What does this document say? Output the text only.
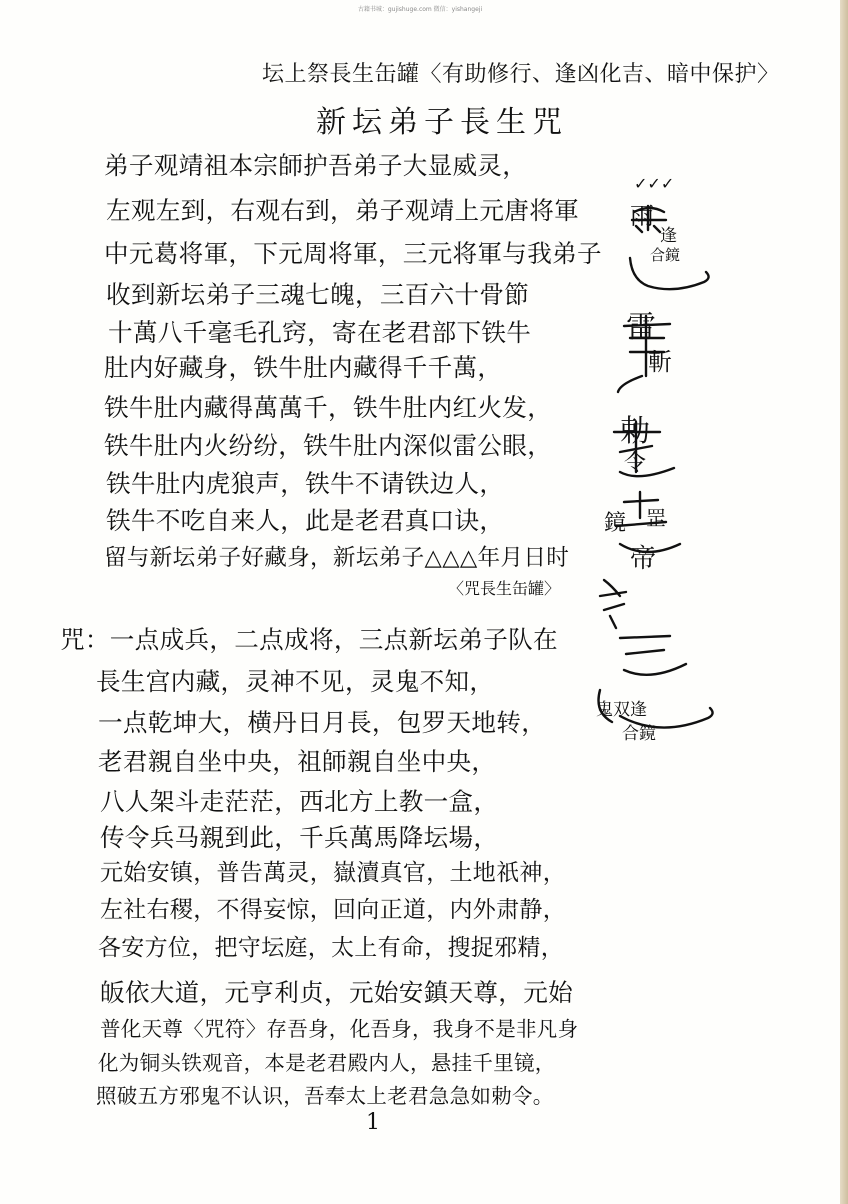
古籍书城：gujishuge.com 微信：yishangeji
坛上祭長生缶罐〈有助修行、逢凶化吉、暗中保护〉
新坛弟子長生咒
弟子观靖祖本宗師护吾弟子大显威灵，
左观左到，右观右到，弟子观靖上元唐将軍
中元葛将軍，下元周将軍，三元将軍与我弟子
收到新坛弟子三魂七魄，三百六十骨節
十萬八千毫毛孔窍，寄在老君部下铁牛
肚内好藏身，铁牛肚内藏得千千萬，
铁牛肚内藏得萬萬千，铁牛肚内红火发，
铁牛肚内火纷纷，铁牛肚内深似雷公眼，
铁牛肚内虎狼声，铁牛不请铁边人，
铁牛不吃自来人，此是老君真口诀，
留与新坛弟子好藏身，新坛弟子△△△年月日时
〈咒長生缶罐〉
咒：一点成兵，二点成将，三点新坛弟子队在
長生宫内藏，灵神不见，灵鬼不知，
一点乾坤大，横丹日月長，包罗天地转，
老君親自坐中央，祖師親自坐中央，
八人架斗走茫茫，西北方上教一盒，
传令兵马親到此，千兵萬馬降坛場，
元始安镇，普告萬灵，嶽瀆真官，土地祇神，
左社右稷，不得妄惊，回向正道，内外肃静，
各安方位，把守坛庭，太上有命，搜捉邪精，
皈依大道，元亨利贞，元始安鎮天尊，元始
普化天尊〈咒符〉存吾身，化吾身，我身不是非凡身
化为铜头铁观音，本是老君殿内人，悬挂千里镜，
照破五方邪鬼不认识，吾奉太上老君急急如勅令。
✓✓✓
雨
逢
合鏡
雷
斬
勅
令
鏡 罡
帝
鬼双逢
合鏡
1
